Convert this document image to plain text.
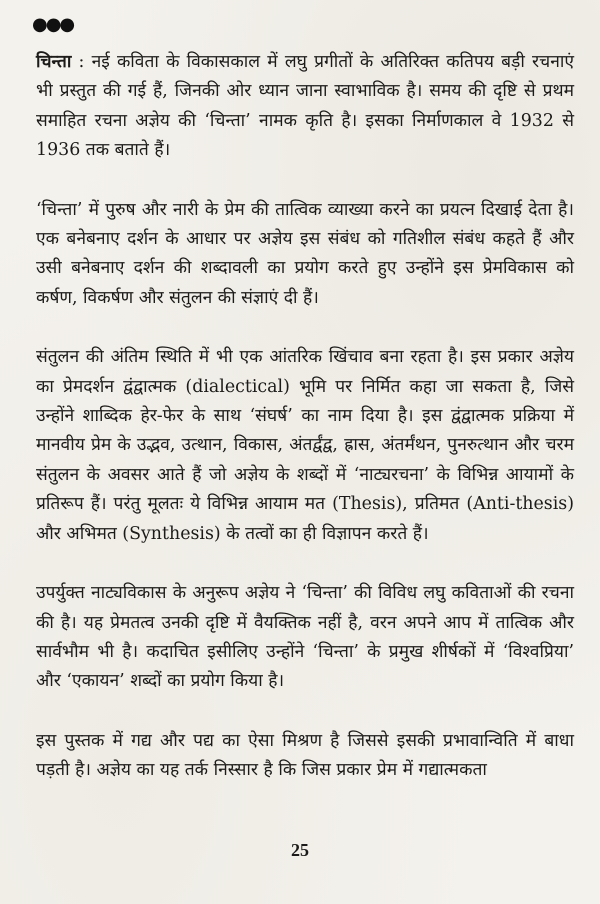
●●●

चिन्ता : नई कविता के विकासकाल में लघु प्रगीतों के अतिरिक्त कतिपय बड़ी रचनाएं भी प्रस्तुत की गई हैं, जिनकी ओर ध्यान जाना स्वाभाविक है। समय की दृष्टि से प्रथम समाहित रचना अज्ञेय की ‘चिन्ता’ नामक कृति है। इसका निर्माणकाल वे 1932 से 1936 तक बताते हैं।

‘चिन्ता’ में पुरुष और नारी के प्रेम की तात्विक व्याख्या करने का प्रयत्न दिखाई देता है। एक बनेबनाए दर्शन के आधार पर अज्ञेय इस संबंध को गतिशील संबंध कहते हैं और उसी बनेबनाए दर्शन की शब्दावली का प्रयोग करते हुए उन्होंने इस प्रेमविकास को कर्षण, विकर्षण और संतुलन की संज्ञाएं दी हैं।

संतुलन की अंतिम स्थिति में भी एक आंतरिक खिंचाव बना रहता है। इस प्रकार अज्ञेय का प्रेमदर्शन द्वंद्वात्मक (dialectical) भूमि पर निर्मित कहा जा सकता है, जिसे उन्होंने शाब्दिक हेर-फेर के साथ ‘संघर्ष’ का नाम दिया है। इस द्वंद्वात्मक प्रक्रिया में मानवीय प्रेम के उद्भव, उत्थान, विकास, अंतर्द्वंद्व, ह्रास, अंतर्मंथन, पुनरुत्थान और चरम संतुलन के अवसर आते हैं जो अज्ञेय के शब्दों में ‘नाट्यरचना’ के विभिन्न आयामों के प्रतिरूप हैं। परंतु मूलतः ये विभिन्न आयाम मत (Thesis), प्रतिमत (Anti-thesis) और अभिमत (Synthesis) के तत्वों का ही विज्ञापन करते हैं।

उपर्युक्त नाट्यविकास के अनुरूप अज्ञेय ने ‘चिन्ता’ की विविध लघु कविताओं की रचना की है। यह प्रेमतत्व उनकी दृष्टि में वैयक्तिक नहीं है, वरन अपने आप में तात्विक और सार्वभौम भी है। कदाचित इसीलिए उन्होंने ‘चिन्ता’ के प्रमुख शीर्षकों में ‘विश्वप्रिया’ और ‘एकायन’ शब्दों का प्रयोग किया है।

इस पुस्तक में गद्य और पद्य का ऐसा मिश्रण है जिससे इसकी प्रभावान्विति में बाधा पड़ती है। अज्ञेय का यह तर्क निस्सार है कि जिस प्रकार प्रेम में गद्यात्मकता

25
